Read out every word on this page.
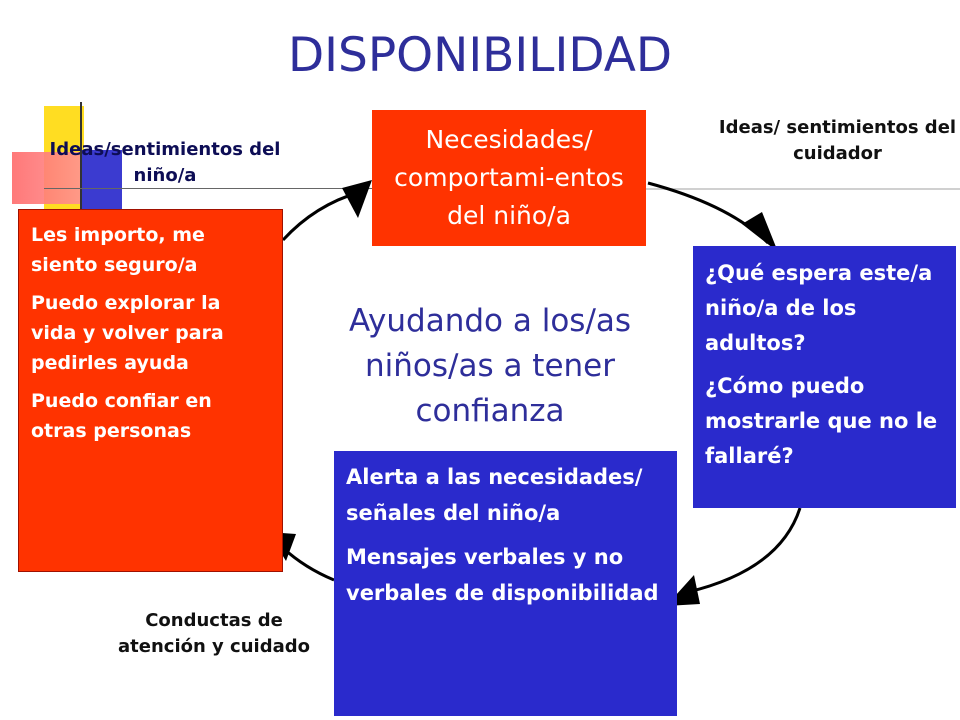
DISPONIBILIDAD
Ideas/sentimientos del niño/a
Ideas/ sentimientos del cuidador
Conductas de atención y cuidado
Necesidades/ comportami-entos del niño/a

Les importo, me siento seguro/a

Puedo explorar la vida y volver para pedirles ayuda

Puedo confiar en otras personas

¿Qué espera este/a niño/a de los adultos?

¿Cómo puedo mostrarle que no le fallaré?

Alerta a las necesidades/ señales del niño/a

Mensajes verbales y no verbales de disponibilidad

Ayudando a los/as niños/as a tener confianza
